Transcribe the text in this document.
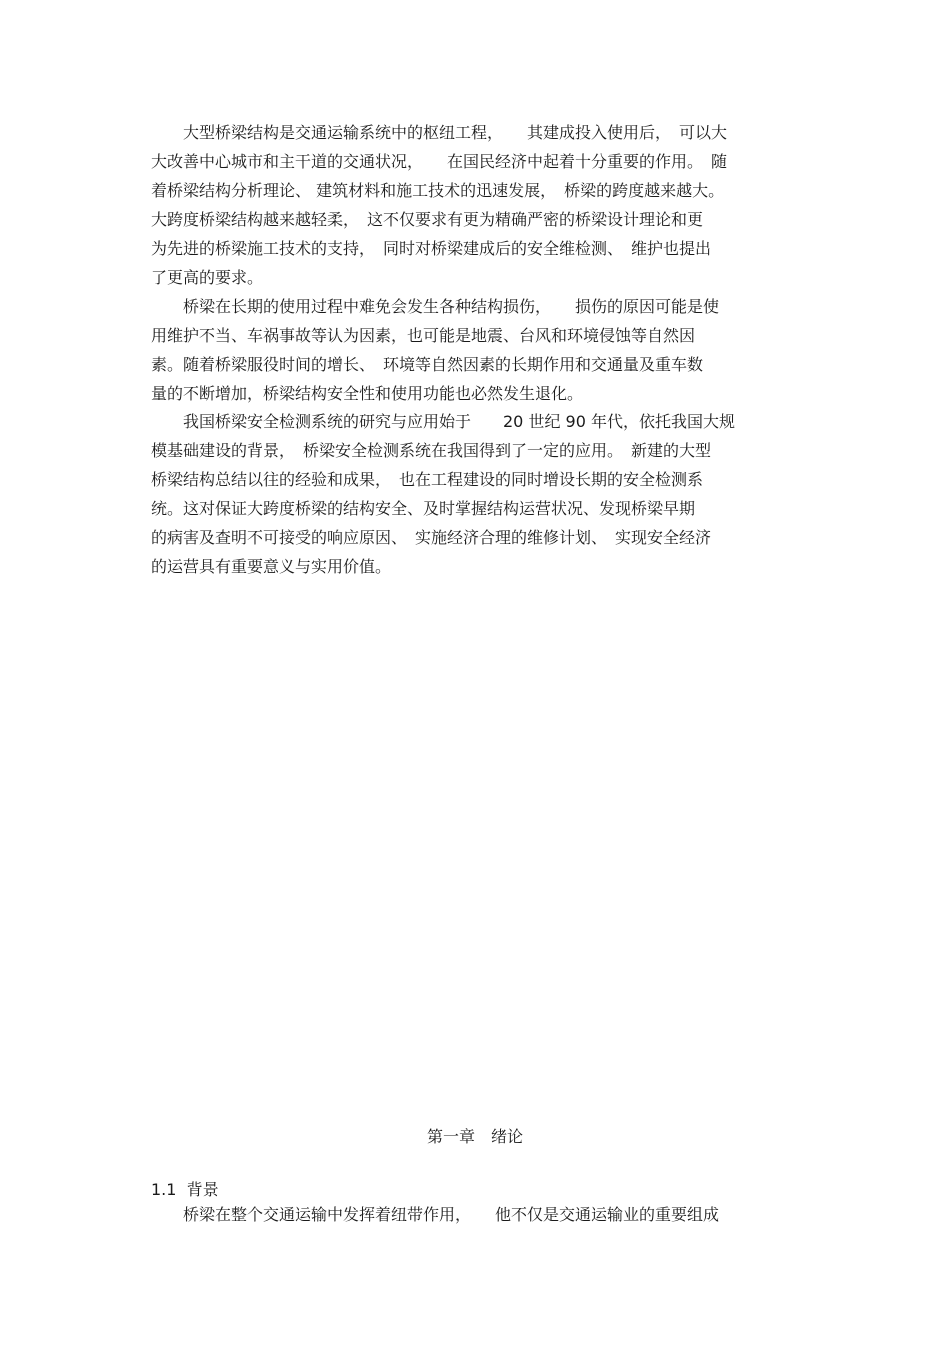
　　大型桥梁结构是交通运输系统中的枢纽工程，　　其建成投入使用后，　可以大
大改善中心城市和主干道的交通状况，　　在国民经济中起着十分重要的作用。　随
着桥梁结构分析理论、 建筑材料和施工技术的迅速发展，　桥梁的跨度越来越大。
大跨度桥梁结构越来越轻柔，　这不仅要求有更为精确严密的桥梁设计理论和更
为先进的桥梁施工技术的支持，　同时对桥梁建成后的安全维检测、　维护也提出
了更高的要求。
　　桥梁在长期的使用过程中难免会发生各种结构损伤，　　损伤的原因可能是使
用维护不当、车祸事故等认为因素，也可能是地震、台风和环境侵蚀等自然因
素。随着桥梁服役时间的增长、　环境等自然因素的长期作用和交通量及重车数
量的不断增加，桥梁结构安全性和使用功能也必然发生退化。
　　我国桥梁安全检测系统的研究与应用始于　　20 世纪 90 年代，依托我国大规
模基础建设的背景，　桥梁安全检测系统在我国得到了一定的应用。　新建的大型
桥梁结构总结以往的经验和成果，　也在工程建设的同时增设长期的安全检测系
统。这对保证大跨度桥梁的结构安全、及时掌握结构运营状况、发现桥梁早期
的病害及查明不可接受的响应原因、　实施经济合理的维修计划、　实现安全经济
的运营具有重要意义与实用价值。
第一章　绪论
1.1  背景
　　桥梁在整个交通运输中发挥着纽带作用，　　他不仅是交通运输业的重要组成
